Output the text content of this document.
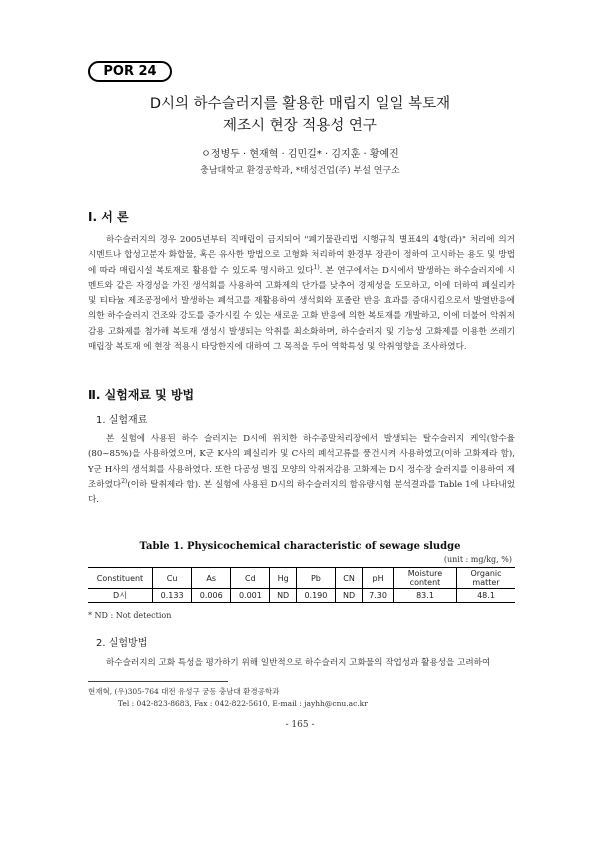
POR 24
D시의 하수슬러지를 활용한 매립지 일일 복토재
제조시 현장 적용성 연구
ㅇ정병두 · 현재혁 · 김민길* · 김지훈 · 황예진
충남대학교 환경공학과, *태성건업(주) 부설 연구소
Ⅰ. 서 론

하수슬러지의 경우 2005년부터 직매립이 금지되어 "폐기물관리법 시행규칙 별표4의 4항(라)" 처리에 의거 시멘트나 합성고분자 화합물, 혹은 유사한 방법으로 고형화 처리하여 환경부 장관이 정하여 고시하는 용도 및 방법에 따라 매립시설 복토재로 활용할 수 있도록 명시하고 있다$^{1)}$. 본 연구에서는 D시에서 발생하는 하수슬러지에 시멘트와 같은 자경성을 가진 생석회를 사용하여 고화제의 단가를 낮추어 경제성을 도모하고, 이에 더하여 폐실리카 및 티타늄 제조공정에서 발생하는 폐석고를 재활용하여 생석회와 포졸란 반응 효과를 증대시킴으로서 발열반응에 의한 하수슬러지 건조와 강도를 증가시킬 수 있는 새로운 고화 반응에 의한 복토재를 개발하고, 이에 더불어 악취저감용 고화제를 첨가해 복토재 생성시 발생되는 악취를 최소화하며, 하수슬러지 및 기능성 고화제를 이용한 쓰레기 매립장 복토재 에 현장 적용시 타당한지에 대하여 그 목적을 두어 역학특성 및 악취영향을 조사하였다.

Ⅱ. 실험재료 및 방법
1. 실험재료

본 실험에 사용된 하수 슬러지는 D시에 위치한 하수종말처리장에서 발생되는 탈수슬러지 케익(함수율 (80~85%)을 사용하였으며, K군 K사의 폐실리카 및 C사의 폐석고류를 풍건시켜 사용하였고(이하 고화제라 함), Y군 H사의 생석회를 사용하였다. 또한 다공성 벌집 모양의 악취저감용 고화제는 D시 정수장 슬러지를 이용하여 제조하였다$^{2)}$(이하 탈취제라 함). 본 실험에 사용된 D시의 하수슬러지의 함유량시험 분석결과를 Table 1에 나타내었다.

Table 1. Physicochemical characteristic of sewage sludge
(unit : mg/kg, %)
Constituent	Cu	As	Cd	Hg	Pb	CN	pH	Moisture content	Organic matter
D시	0.133	0.006	0.001	ND	0.190	ND	7.30	83.1	48.1
* ND : Not detection
2. 실험방법

하수슬러지의 고화 특성을 평가하기 위해 일반적으로 하수슬러지 고화물의 작업성과 활용성을 고려하여

현재혁, (우)305-764 대전 유성구 궁동 충남대 환경공학과
Tel : 042-823-8683, Fax : 042-822-5610, E-mail : jayhh@cnu.ac.kr
- 165 -
